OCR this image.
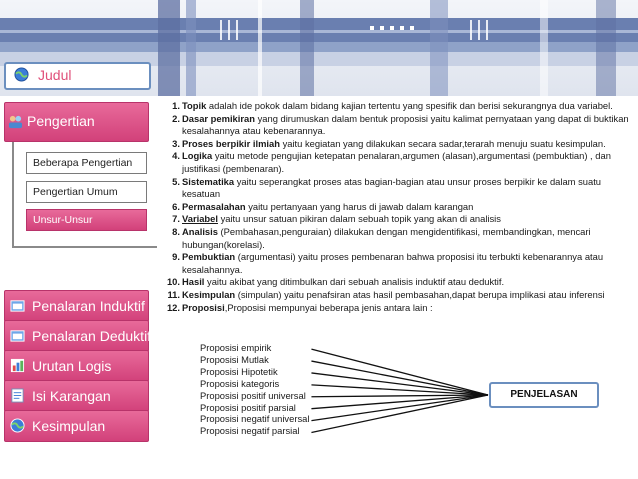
Judul
Pengertian
Beberapa Pengertian
Pengertian Umum
Unsur-Unsur
Penalaran Induktif
Penalaran Deduktif
Urutan Logis
Isi Karangan
Kesimpulan
1. Topik adalah ide pokok dalam bidang kajian tertentu yang spesifik dan berisi sekurangnya dua variabel.
2. Dasar pemikiran yang dirumuskan dalam bentuk proposisi yaitu kalimat pernyataan yang dapat di buktikan kesalahannya atau kebenarannya.
3. Proses berpikir ilmiah yaitu kegiatan yang dilakukan secara sadar,terarah menuju suatu kesimpulan.
4. Logika yaitu metode pengujian ketepatan penalaran,argumen (alasan),argumentasi (pembuktian) , dan justifikasi (pembenaran).
5. Sistematika yaitu seperangkat proses atas bagian-bagian atau unsur proses berpikir ke dalam suatu kesatuan
6. Permasalahan yaitu pertanyaan yang harus di jawab dalam karangan
7. Variabel yaitu unsur satuan pikiran dalam sebuah topik yang akan di analisis
8. Analisis (Pembahasan,penguraian) dilakukan dengan mengidentifikasi, membandingkan, mencari hubungan(korelasi).
9. Pembuktian (argumentasi) yaitu proses pembenaran bahwa proposisi itu terbukti kebenarannya atau kesalahannya.
10. Hasil yaitu akibat yang ditimbulkan dari sebuah analisis induktif atau deduktif.
11. Kesimpulan (simpulan) yaitu penafsiran atas hasil pembasahan,dapat berupa implikasi atau inferensi
12. Proposisi,Proposisi mempunyai beberapa jenis antara lain :
Proposisi empirik
Proposisi Mutlak
Proposisi Hipotetik
Proposisi kategoris
Proposisi positif universal
Proposisi positif parsial
Proposisi negatif universal
Proposisi negatif parsial
PENJELASAN
